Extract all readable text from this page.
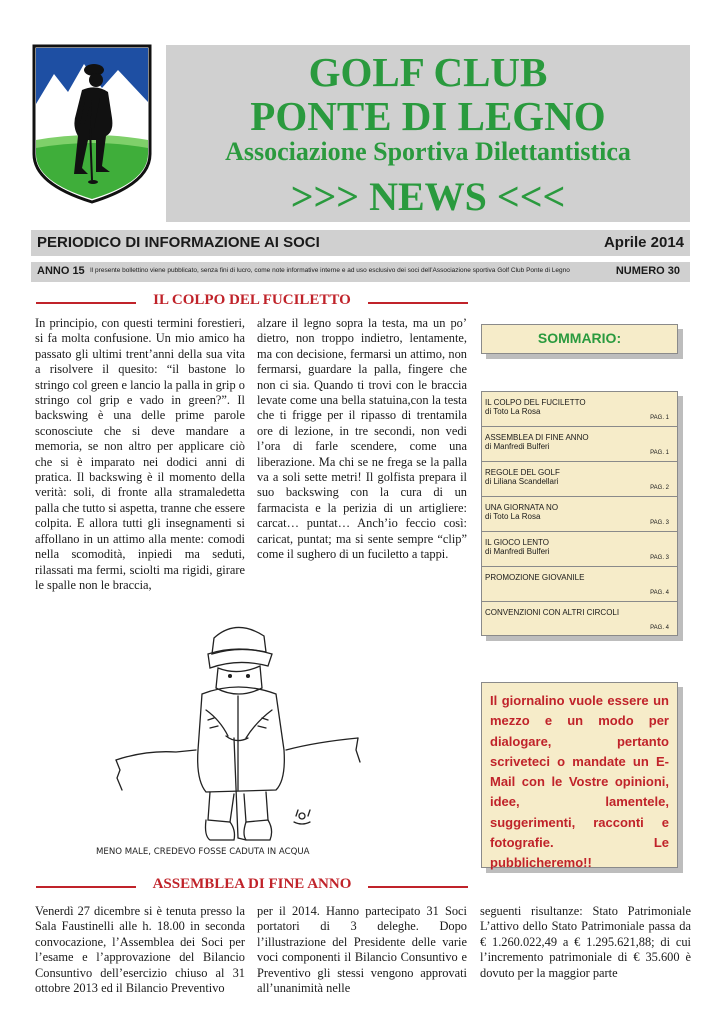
GOLF CLUB
PONTE DI LEGNO
Associazione Sportiva Dilettantistica
>>> NEWS <<<
PERIODICO DI INFORMAZIONE AI SOCI	Aprile 2014
ANNO 15 Il presente bollettino viene pubblicato, senza fini di lucro, come note informative interne e ad uso esclusivo dei soci dell’Associazione sportiva Golf Club Ponte di Legno	NUMERO 30
IL COLPO DEL FUCILETTO
In principio, con questi termini forestieri, si fa molta confusione. Un mio amico ha passato gli ultimi trent’anni della sua vita a risolvere il quesito: “il bastone lo stringo col green e lancio la palla in grip o stringo col grip e vado in green?”. Il backswing è una delle prime parole sconosciute che si deve mandare a memoria, se non altro per applicare ciò che si è imparato nei dodici anni di pratica. Il backswing è il momento della verità: soli, di fronte alla stramaledetta palla che tutto si aspetta, tranne che essere colpita. E allora tutti gli insegnamenti si affollano in un attimo alla mente: comodi nella scomodità, inpiedi ma seduti, rilassati ma fermi, sciolti ma rigidi, girare le spalle non le braccia,
alzare il legno sopra la testa, ma un po’ dietro, non troppo indietro, lentamente, ma con decisione, fermarsi un attimo, non fermarsi, guardare la palla, fingere che non ci sia. Quando ti trovi con le braccia levate come una bella statuina,con la testa che ti frigge per il ripasso di trentamila ore di lezione, in tre secondi, non vedi l’ora di farle scendere, come una liberazione. Ma chi se ne frega se la palla va a soli sette metri! Il golfista prepara il suo backswing con la cura di un farmacista e la perizia di un artigliere: carcat… puntat… Anch’io feccio così: caricat, puntat; ma si sente sempre “clip” come il sughero di un fuciletto a tappi.
MENO MALE, CREDEVO FOSSE CADUTA IN ACQUA
SOMMARIO:
IL COLPO DEL FUCILETTO
di Toto La Rosa
PAG. 1
ASSEMBLEA DI FINE ANNO
di Manfredi Bulferi
PAG. 1
REGOLE DEL GOLF
di Liliana Scandellari
PAG. 2
UNA GIORNATA NO
di Toto La Rosa
PAG. 3
IL GIOCO LENTO
di Manfredi Bulferi
PAG. 3
PROMOZIONE GIOVANILE
PAG. 4
CONVENZIONI CON ALTRI CIRCOLI
PAG. 4

Il giornalino vuole essere un mezzo e un modo per dialogare, pertanto scriveteci o mandate un E-Mail con le Vostre opinioni, idee, lamentele, suggerimenti, racconti e fotografie. Le
pubblicheremo!!

ASSEMBLEA DI FINE ANNO
Venerdì 27 dicembre si è tenuta presso la Sala Faustinelli alle h. 18.00 in seconda convocazione, l’Assemblea dei Soci per l’esame e l’approvazione del Bilancio Consuntivo dell’esercizio chiuso al 31 ottobre 2013 ed il Bilancio Preventivo
per il 2014. Hanno partecipato 31 Soci portatori di 3 deleghe. Dopo l’illustrazione del Presidente delle varie voci componenti il Bilancio Consuntivo e Preventivo gli stessi vengono approvati all’unanimità nelle
seguenti risultanze: Stato Patrimoniale L’attivo dello Stato Patrimoniale passa da € 1.260.022,49 a € 1.295.621,88; di cui l’incremento patrimoniale di € 35.600 è dovuto per la maggior parte
